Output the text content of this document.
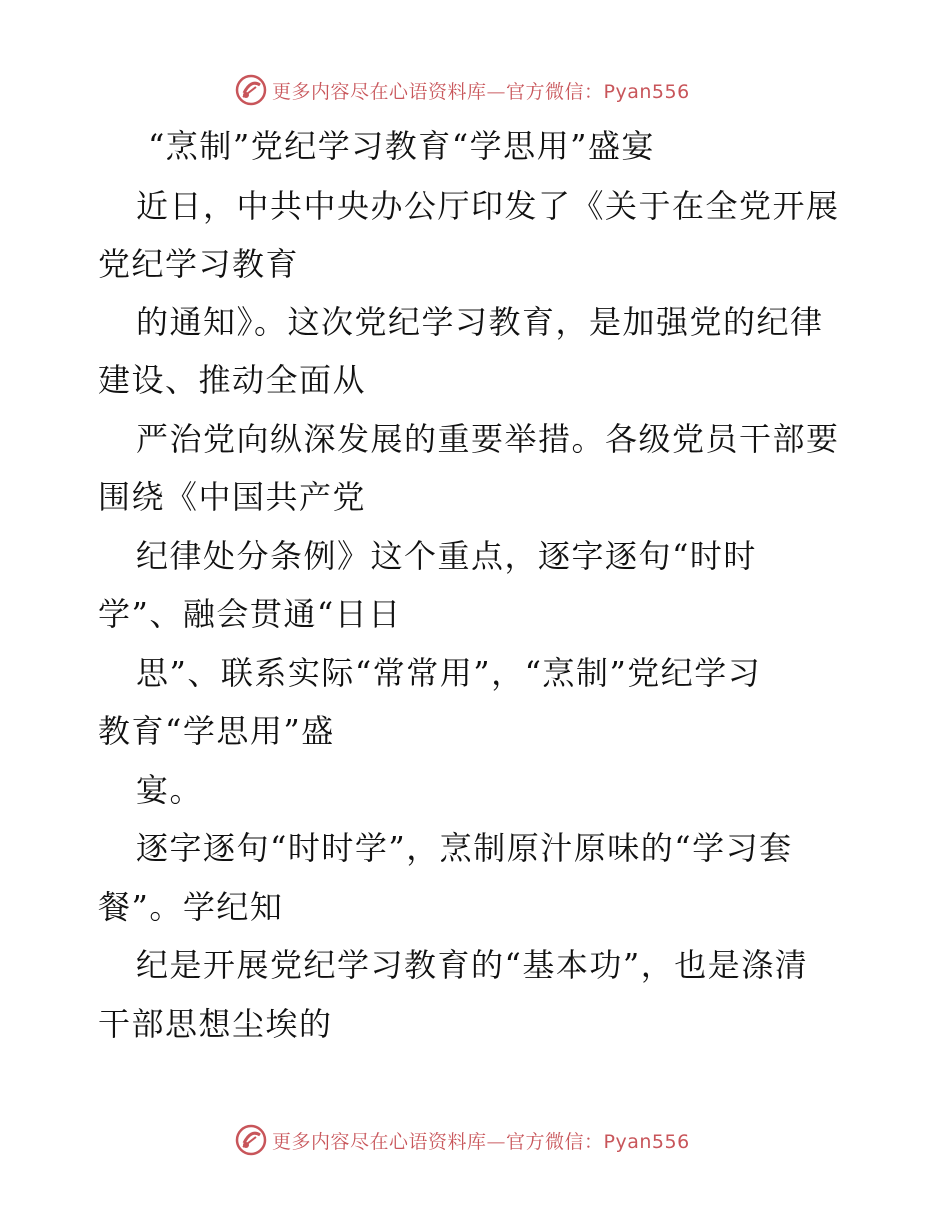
更多内容尽在心语资料库—官方微信：Pyan556
“烹制”党纪学习教育“学思用”盛宴
近日，中共中央办公厅印发了《关于在全党开展
党纪学习教育
的通知》。这次党纪学习教育，是加强党的纪律
建设、推动全面从
严治党向纵深发展的重要举措。各级党员干部要
围绕《中国共产党
纪律处分条例》这个重点，逐字逐句“时时
学”、融会贯通“日日
思”、联系实际“常常用”，“烹制”党纪学习
教育“学思用”盛
宴。
逐字逐句“时时学”，烹制原汁原味的“学习套
餐”。学纪知
纪是开展党纪学习教育的“基本功”，也是涤清
干部思想尘埃的
更多内容尽在心语资料库—官方微信：Pyan556
